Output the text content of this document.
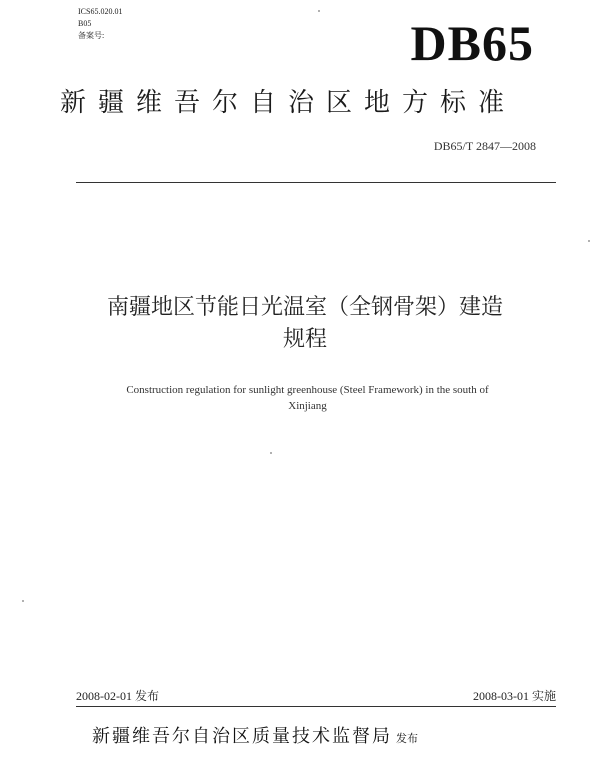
ICS65.020.01
B05
备案号:	DB65
新疆维吾尔自治区地方标准
DB65/T 2847—2008
南疆地区节能日光温室（全钢骨架）建造
规程
Construction regulation for sunlight greenhouse (Steel Framework) in the south of
Xinjiang
2008-02-01 发布	2008-03-01 实施
新疆维吾尔自治区质量技术监督局 发布
